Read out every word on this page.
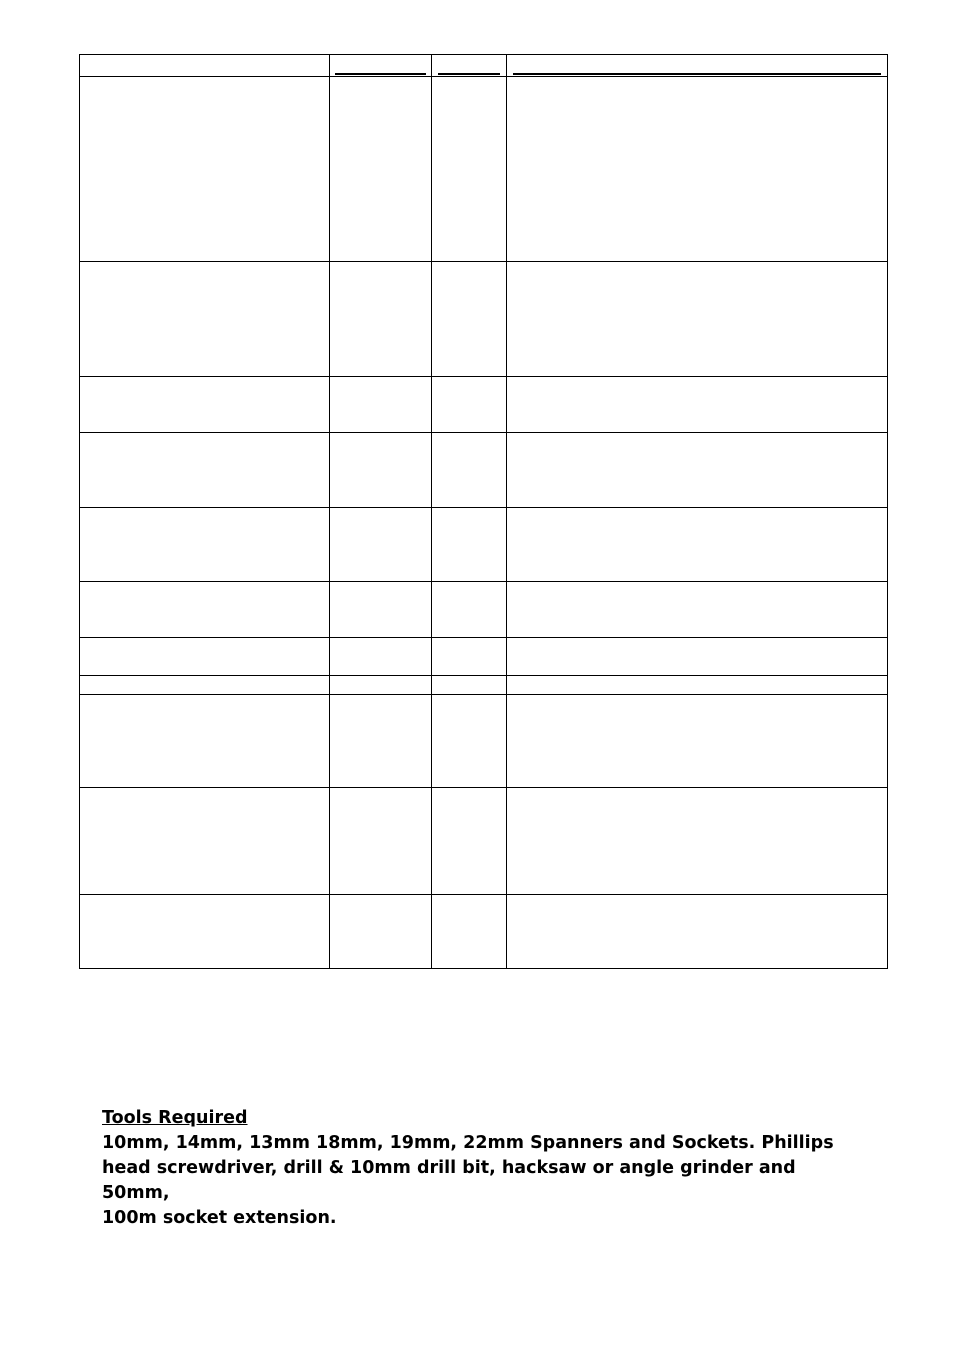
Tools Required

10mm, 14mm, 13mm 18mm, 19mm, 22mm Spanners and Sockets. Phillips
head screwdriver, drill & 10mm drill bit, hacksaw or angle grinder and 50mm,
100m socket extension.
